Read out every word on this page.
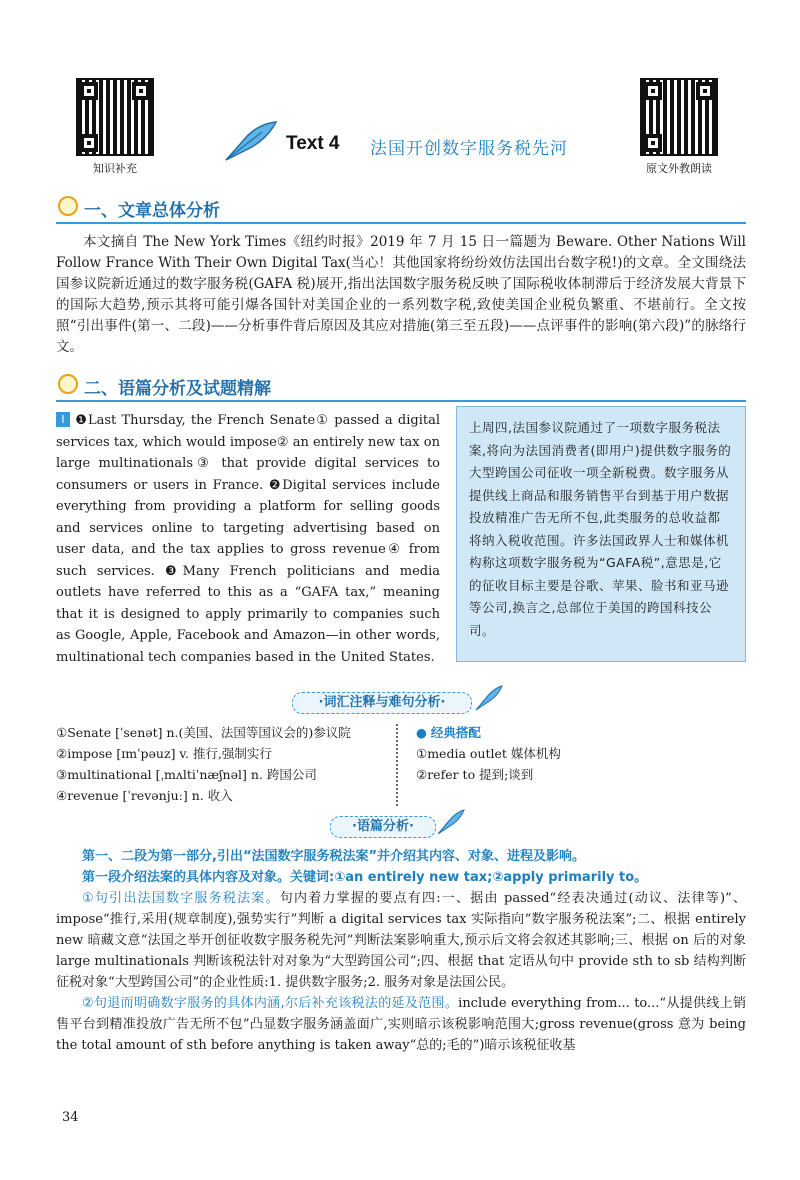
知识补充
Text 4 法国开创数字服务税先河
原文外教朗读
一、文章总体分析
本文摘自 The New York Times《纽约时报》2019 年 7 月 15 日一篇题为 Beware. Other Nations Will Follow France With Their Own Digital Tax(当心！其他国家将纷纷效仿法国出台数字税!)的文章。全文围绕法国参议院新近通过的数字服务税(GAFA 税)展开,指出法国数字服务税反映了国际税收体制滞后于经济发展大背景下的国际大趋势,预示其将可能引爆各国针对美国企业的一系列数字税,致使美国企业税负繁重、不堪前行。全文按照“引出事件(第一、二段)——分析事件背后原因及其应对措施(第三至五段)——点评事件的影响(第六段)”的脉络行文。
二、语篇分析及试题精解
Ⅰ ❶Last Thursday, the French Senate① passed a digital services tax, which would impose② an entirely new tax on large multinationals③ that provide digital services to consumers or users in France. ❷Digital services include everything from providing a platform for selling goods and services online to targeting advertising based on user data, and the tax applies to gross revenue④ from such services. ❸Many French politicians and media outlets have referred to this as a “GAFA tax,” meaning that it is designed to apply primarily to companies such as Google, Apple, Facebook and Amazon—in other words, multinational tech companies based in the United States.
上周四,法国参议院通过了一项数字服务税法案,将向为法国消费者(即用户)提供数字服务的大型跨国公司征收一项全新税费。数字服务从提供线上商品和服务销售平台到基于用户数据投放精准广告无所不包,此类服务的总收益都将纳入税收范围。许多法国政界人士和媒体机构称这项数字服务税为“GAFA税”,意思是,它的征收目标主要是谷歌、苹果、脸书和亚马逊等公司,换言之,总部位于美国的跨国科技公司。
·词汇注释与难句分析·
①Senate [ˈsenət] n.(美国、法国等国议会的)参议院
②impose [ɪmˈpəuz] v. 推行,强制实行
③multinational [ˌmʌltiˈnæʃnəl] n. 跨国公司
④revenue [ˈrevənjuː] n. 收入
● 经典搭配
①media outlet 媒体机构
②refer to 提到;谈到
·语篇分析·
第一、二段为第一部分,引出“法国数字服务税法案”并介绍其内容、对象、进程及影响。
第一段介绍法案的具体内容及对象。关键词:①an entirely new tax;②apply primarily to。
①句引出法国数字服务税法案。句内着力掌握的要点有四:一、据由 passed“经表决通过(动议、法律等)”、impose“推行,采用(规章制度),强势实行”判断 a digital services tax 实际指向“数字服务税法案”;二、根据 entirely new 暗藏文意“法国之举开创征收数字服务税先河”判断法案影响重大,预示后文将会叙述其影响;三、根据 on 后的对象 large multinationals 判断该税法针对对象为“大型跨国公司”;四、根据 that 定语从句中 provide sth to sb 结构判断征税对象“大型跨国公司”的企业性质:1. 提供数字服务;2. 服务对象是法国公民。
②句退而明确数字服务的具体内涵,尔后补充该税法的延及范围。include everything from... to...“从提供线上销售平台到精准投放广告无所不包”凸显数字服务涵盖面广,实则暗示该税影响范围大;gross revenue(gross 意为 being the total amount of sth before anything is taken away“总的;毛的”)暗示该税征收基
34
